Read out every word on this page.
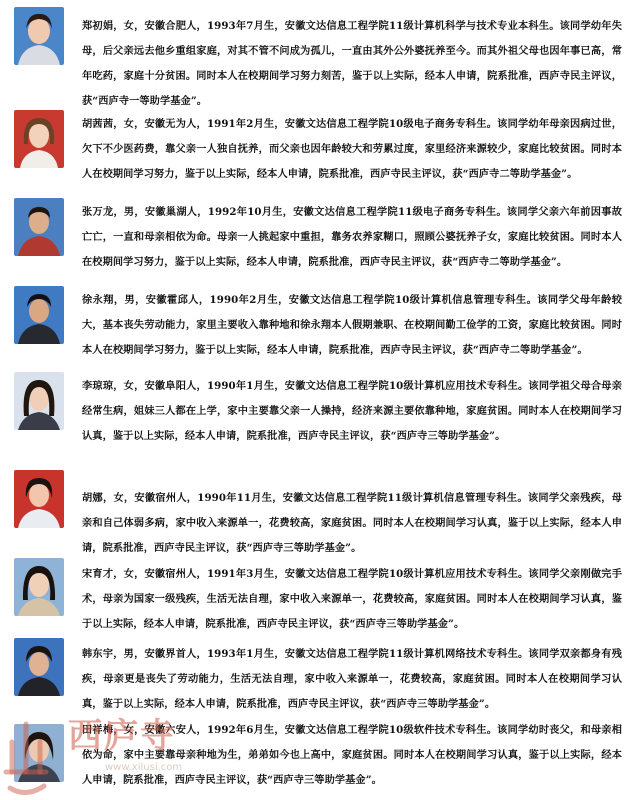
郑初娟，女，安徽合肥人，1993年7月生，安徽文达信息工程学院11级计算机科学与技术专业本科生。该同学幼年失母，后父亲远去他乡重组家庭，对其不管不问成为孤儿，一直由其外公外婆抚养至今。而其外祖父母也因年事已高，常年吃药，家庭十分贫困。同时本人在校期间学习努力刻苦，鉴于以上实际，经本人申请，院系批准，西庐寺民主评议，获“西庐寺一等助学基金”。
胡茜茜，女，安徽无为人，1991年2月生，安徽文达信息工程学院10级电子商务专科生。该同学幼年母亲因病过世，欠下不少医药费，靠父亲一人独自抚养，而父亲也因年龄较大和劳累过度，家里经济来源较少，家庭比较贫困。同时本人在校期间学习努力，鉴于以上实际，经本人申请，院系批准，西庐寺民主评议，获“西庐寺二等助学基金”。
张万龙，男，安徽巢湖人，1992年10月生，安徽文达信息工程学院11级电子商务专科生。该同学父亲六年前因事故亡亡，一直和母亲相依为命。母亲一人挑起家中重担，靠务农养家糊口，照顾公婆抚养子女，家庭比较贫困。同时本人在校期间学习努力，鉴于以上实际，经本人申请，院系批准，西庐寺民主评议，获“西庐寺二等助学基金”。
徐永翔，男，安徽霍邱人，1990年2月生，安徽文达信息工程学院10级计算机信息管理专科生。该同学父母年龄较大，基本丧失劳动能力，家里主要收入靠种地和徐永翔本人假期兼职、在校期间勤工俭学的工资，家庭比较贫困。同时本人在校期间学习努力，鉴于以上实际，经本人申请，院系批准，西庐寺民主评议，获“西庐寺二等助学基金”。
李琼琼，女，安徽阜阳人，1990年1月生，安徽文达信息工程学院10级计算机应用技术专科生。该同学祖父母合母亲经常生病，姐妹三人都在上学，家中主要靠父亲一人操持，经济来源主要依靠种地，家庭贫困。同时本人在校期间学习认真，鉴于以上实际，经本人申请，院系批准，西庐寺民主评议，获“西庐寺三等助学基金”。
胡娜，女，安徽宿州人，1990年11月生，安徽文达信息工程学院11级计算机信息管理专科生。该同学父亲残疾，母亲和自己体弱多病，家中收入来源单一，花费较高，家庭贫困。同时本人在校期间学习认真，鉴于以上实际，经本人申请，院系批准，西庐寺民主评议，获“西庐寺三等助学基金”。
宋育才，女，安徽宿州人，1991年3月生，安徽文达信息工程学院10级计算机应用技术专科生。该同学父亲刚做完手术，母亲为国家一级残疾，生活无法自理，家中收入来源单一，花费较高，家庭贫困。同时本人在校期间学习认真，鉴于以上实际，经本人申请，院系批准，西庐寺民主评议，获“西庐寺三等助学基金”。
韩东宇，男，安徽界首人，1993年1月生，安徽文达信息工程学院11级计算机网络技术专科生。该同学双亲都身有残疾，母亲更是丧失了劳动能力，生活无法自理，家中收入来源单一，花费较高，家庭贫困。同时本人在校期间学习认真，鉴于以上实际，经本人申请，院系批准，西庐寺民主评议，获“西庐寺三等助学基金”。
田祥梅，女，安徽六安人，1992年6月生，安徽文达信息工程学院10级软件技术专科生。该同学幼时丧父，和母亲相依为命，家中主要靠母亲种地为生，弟弟如今也上高中，家庭贫困。同时本人在校期间学习认真，鉴于以上实际，经本人申请，院系批准，西庐寺民主评议，获“西庐寺三等助学基金”。
西庐寺
www.xilusi.com
